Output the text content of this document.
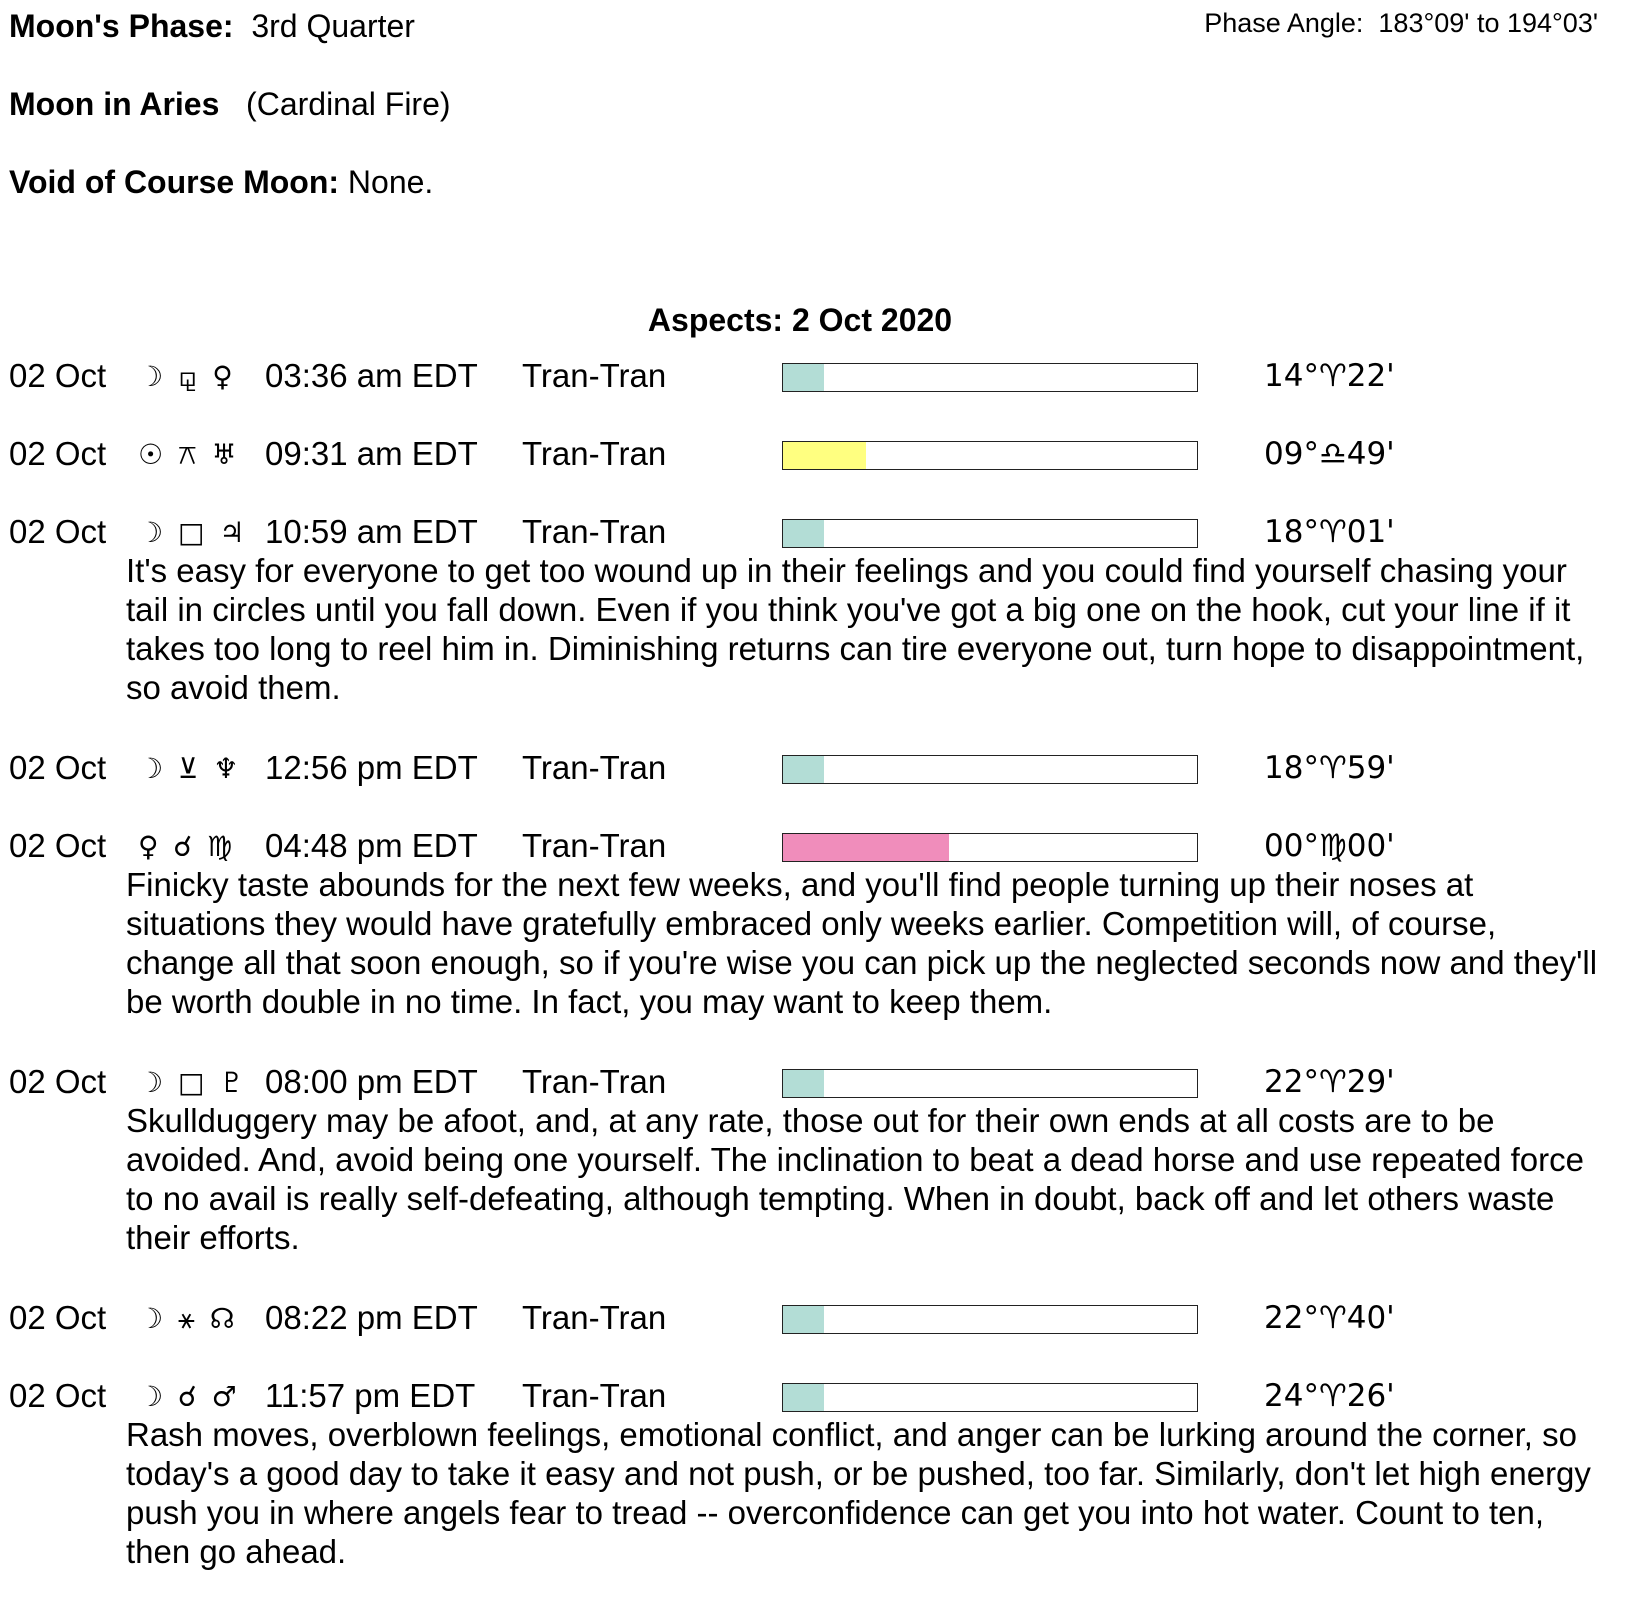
Moon's Phase: 3rd Quarter	Phase Angle: 183°09' to 194°03'
Moon in Aries (Cardinal Fire)
Void of Course Moon: None.
Aspects: 2 Oct 2020
02 Oct ☽ ⚼ ♀ 03:36 am EDT Tran-Tran	14°♈22'
02 Oct ☉ ⚻ ♅ 09:31 am EDT Tran-Tran	09°♎49'
02 Oct ☽ □ ♃ 10:59 am EDT Tran-Tran	18°♈01'
It's easy for everyone to get too wound up in their feelings and you could find yourself chasing your tail in circles until you fall down. Even if you think you've got a big one on the hook, cut your line if it takes too long to reel him in. Diminishing returns can tire everyone out, turn hope to disappointment, so avoid them.
02 Oct ☽ ⊻ ♆ 12:56 pm EDT Tran-Tran	18°♈59'
02 Oct ♀ ☌ ♍ 04:48 pm EDT Tran-Tran	00°♍00'
Finicky taste abounds for the next few weeks, and you'll find people turning up their noses at situations they would have gratefully embraced only weeks earlier. Competition will, of course, change all that soon enough, so if you're wise you can pick up the neglected seconds now and they'll be worth double in no time. In fact, you may want to keep them.
02 Oct ☽ □ ♇ 08:00 pm EDT Tran-Tran	22°♈29'
Skullduggery may be afoot, and, at any rate, those out for their own ends at all costs are to be avoided. And, avoid being one yourself. The inclination to beat a dead horse and use repeated force to no avail is really self-defeating, although tempting. When in doubt, back off and let others waste their efforts.
02 Oct ☽ ⚹ ☊ 08:22 pm EDT Tran-Tran	22°♈40'
02 Oct ☽ ☌ ♂ 11:57 pm EDT Tran-Tran	24°♈26'
Rash moves, overblown feelings, emotional conflict, and anger can be lurking around the corner, so today's a good day to take it easy and not push, or be pushed, too far. Similarly, don't let high energy push you in where angels fear to tread -- overconfidence can get you into hot water. Count to ten, then go ahead.
